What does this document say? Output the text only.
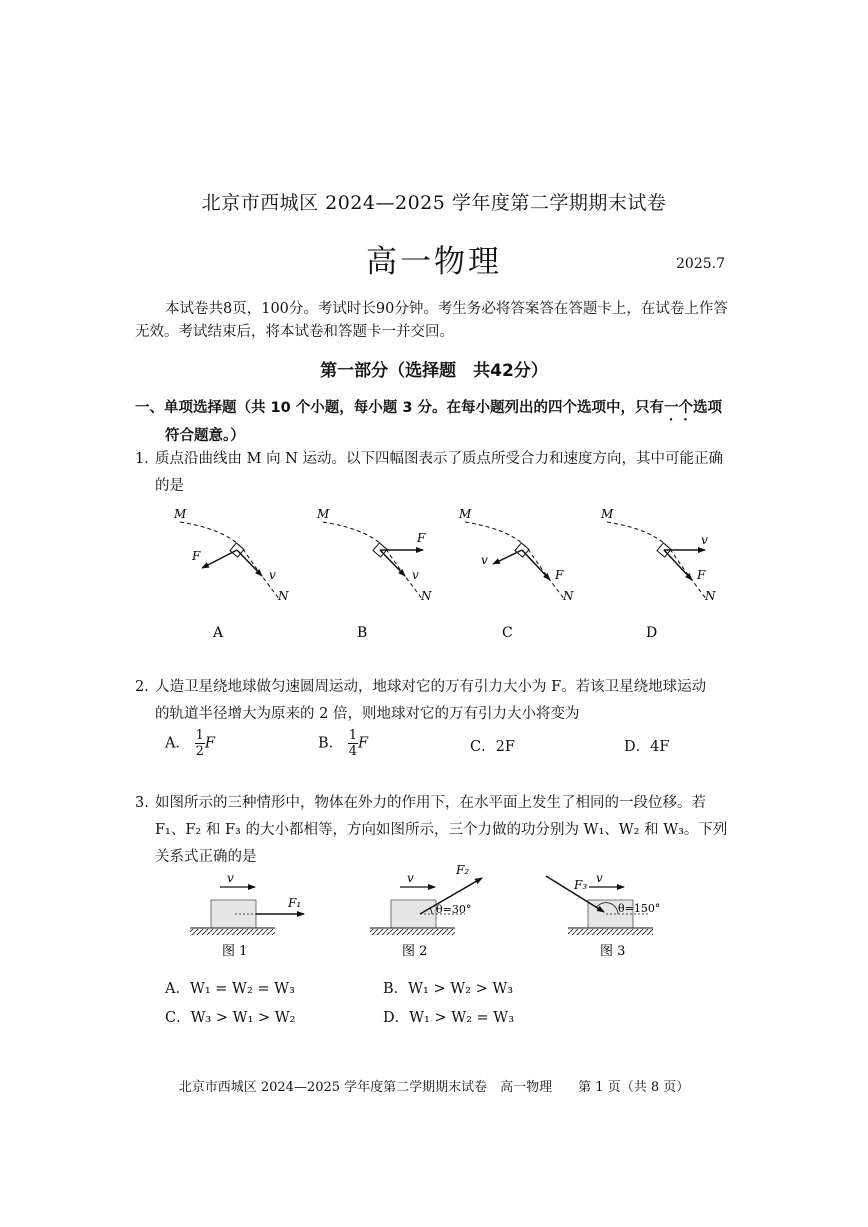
北京市西城区 2024—2025 学年度第二学期期末试卷
高一物理	2025.7
本试卷共8页，100分。考试时长90分钟。考生务必将答案答在答题卡上，在试卷上作答无效。考试结束后，将本试卷和答题卡一并交回。
第一部分（选择题　共42分）
一、单项选择题（共 10 个小题，每小题 3 分。在每小题列出的四个选项中，只有一个选项
符合题意。）
1．质点沿曲线由 M 向 N 运动。以下四幅图表示了质点所受合力和速度方向，其中可能正确
的是
M
F
v
N
A
M
F
v
N
B
M
v
F
N
C
M
v
F
N
D
2．人造卫星绕地球做匀速圆周运动，地球对它的万有引力大小为 F。若该卫星绕地球运动
的轨道半径增大为原来的 2 倍，则地球对它的万有引力大小将变为
A． $\frac{1}{2}$ F	B． $\frac{1}{4}$ F	C．2F	D．4F
3. 如图所示的三种情形中，物体在外力的作用下，在水平面上发生了相同的一段位移。若
F₁、F₂ 和 F₃ 的大小都相等，方向如图所示，三个力做的功分别为 W₁、W₂ 和 W₃。下列
关系式正确的是
v
F₁
图 1
v
F₂
θ=30°
图 2
v
F₃
θ=150°
图 3
A．W₁ = W₂ = W₃	B．W₁ > W₂ > W₃
C．W₃ > W₁ > W₂	D．W₁ > W₂ = W₃
北京市西城区 2024—2025 学年度第二学期期末试卷　高一物理　　第 1 页（共 8 页）
